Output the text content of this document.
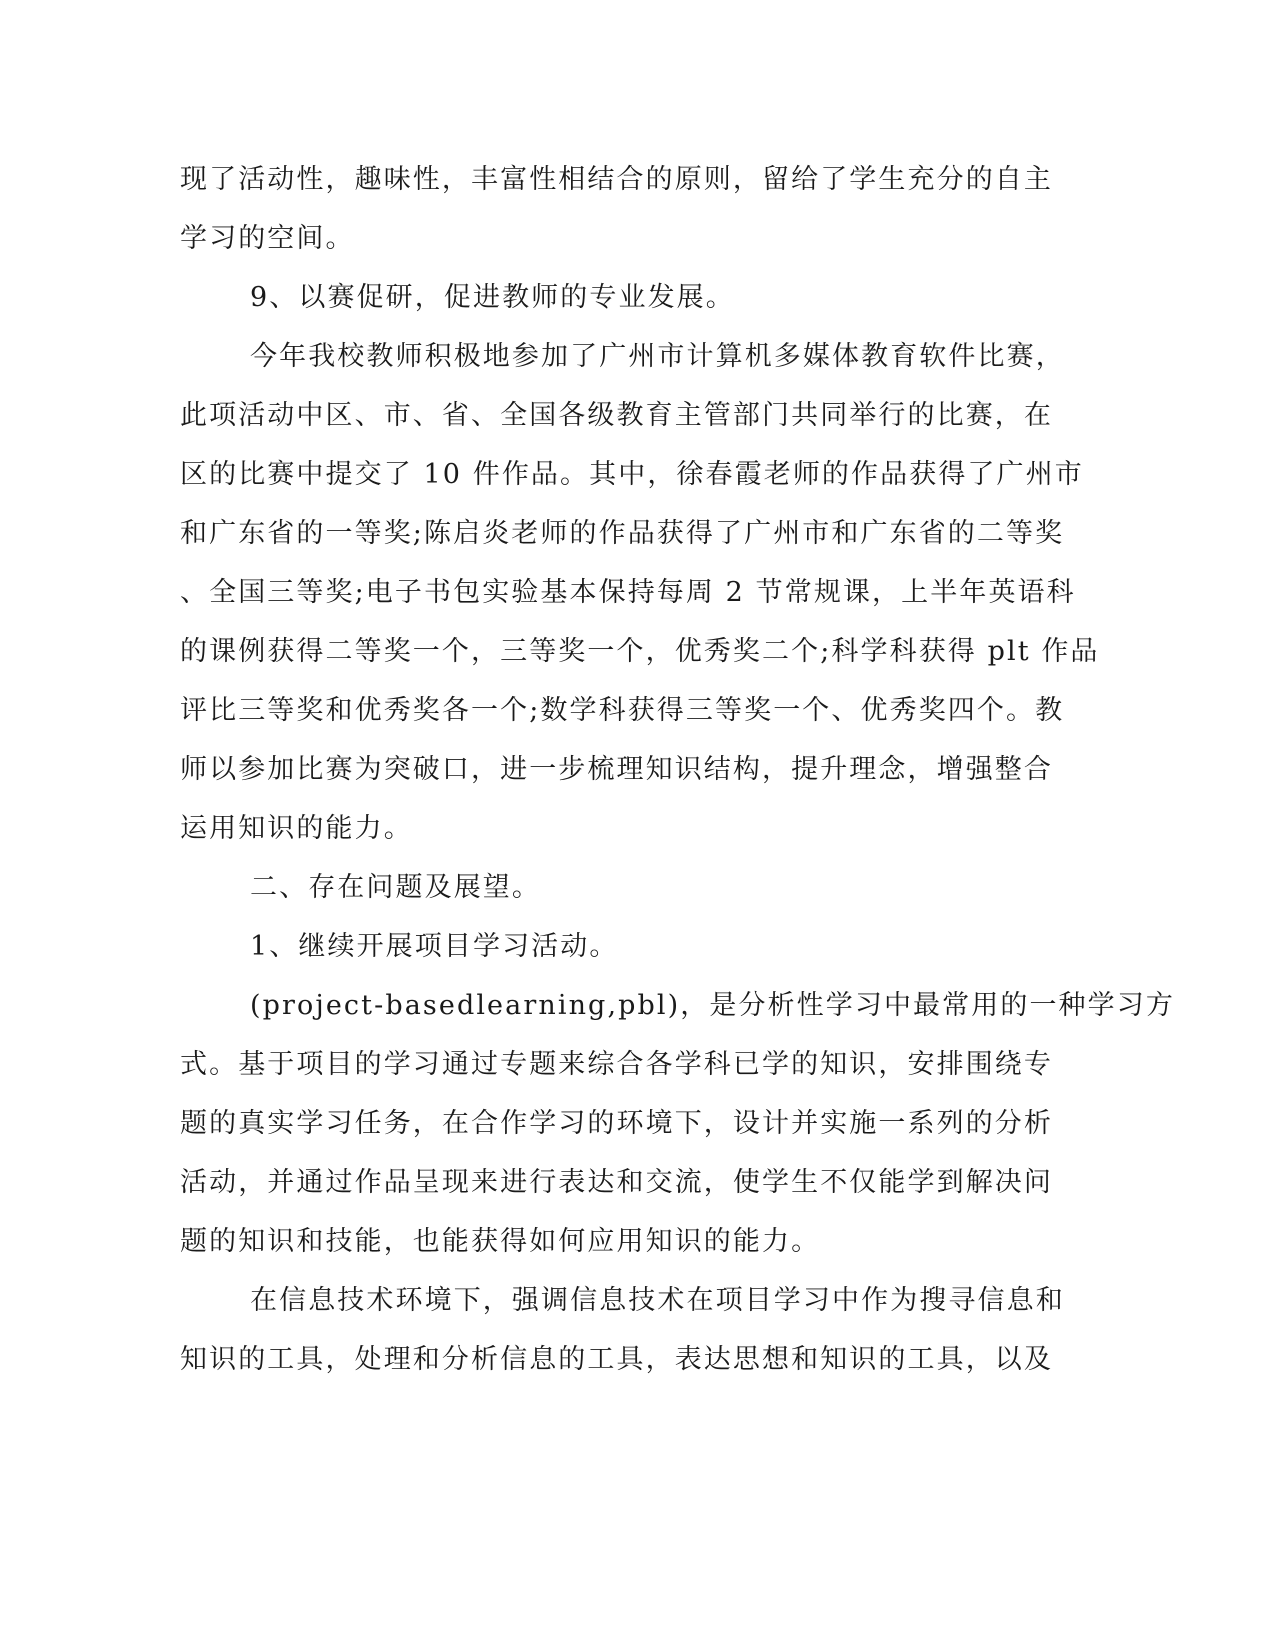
现了活动性，趣味性，丰富性相结合的原则，留给了学生充分的自主
学习的空间。
9、以赛促研，促进教师的专业发展。
今年我校教师积极地参加了广州市计算机多媒体教育软件比赛，
此项活动中区、市、省、全国各级教育主管部门共同举行的比赛，在
区的比赛中提交了 10 件作品。其中，徐春霞老师的作品获得了广州市
和广东省的一等奖;陈启炎老师的作品获得了广州市和广东省的二等奖
、全国三等奖;电子书包实验基本保持每周 2 节常规课，上半年英语科
的课例获得二等奖一个，三等奖一个，优秀奖二个;科学科获得 plt 作品
评比三等奖和优秀奖各一个;数学科获得三等奖一个、优秀奖四个。教
师以参加比赛为突破口，进一步梳理知识结构，提升理念，增强整合
运用知识的能力。
二、存在问题及展望。
1、继续开展项目学习活动。
(project-basedlearning,pbl)，是分析性学习中最常用的一种学习方
式。基于项目的学习通过专题来综合各学科已学的知识，安排围绕专
题的真实学习任务，在合作学习的环境下，设计并实施一系列的分析
活动，并通过作品呈现来进行表达和交流，使学生不仅能学到解决问
题的知识和技能，也能获得如何应用知识的能力。
在信息技术环境下，强调信息技术在项目学习中作为搜寻信息和
知识的工具，处理和分析信息的工具，表达思想和知识的工具，以及
